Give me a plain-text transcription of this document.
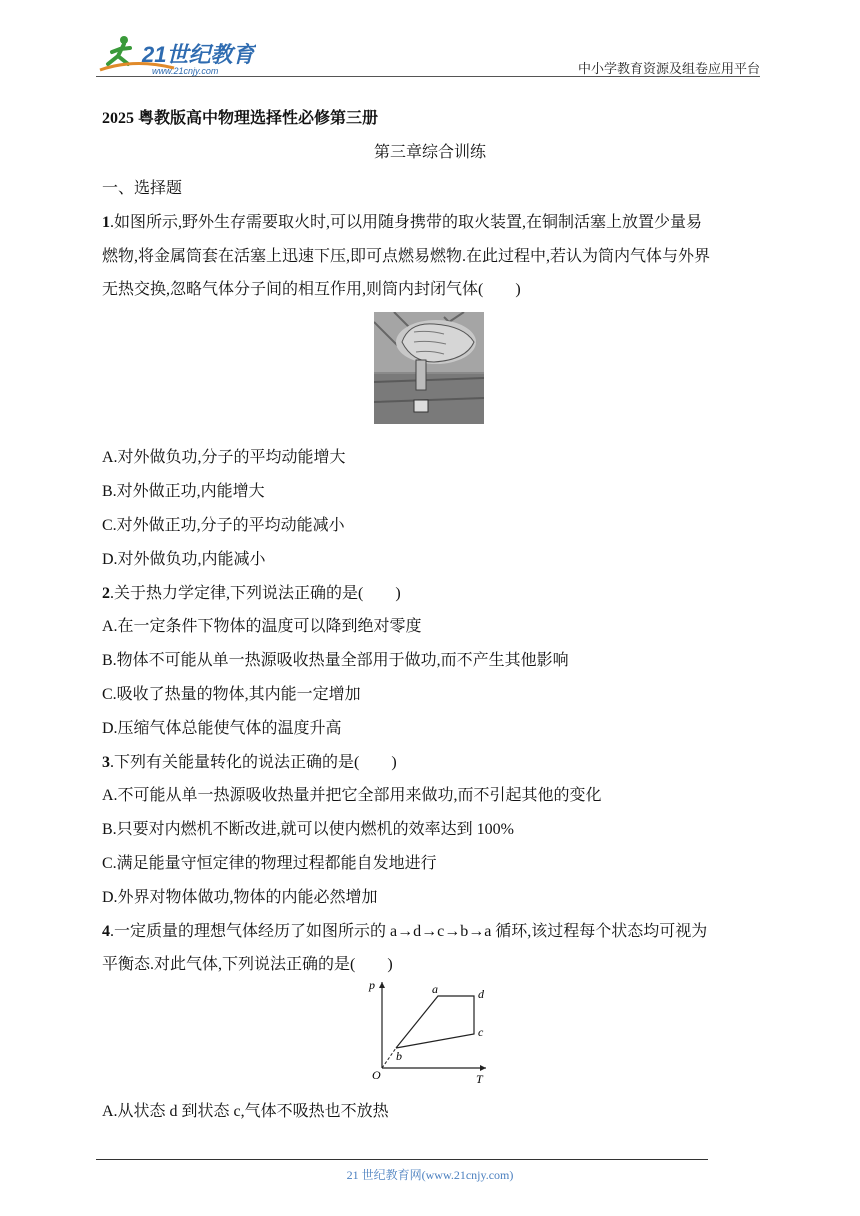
21世纪教育
www.21cnjy.com	中小学教育资源及组卷应用平台
2025 粤教版高中物理选择性必修第三册
第三章综合训练
一、选择题
1.如图所示,野外生存需要取火时,可以用随身携带的取火装置,在铜制活塞上放置少量易
燃物,将金属筒套在活塞上迅速下压,即可点燃易燃物.在此过程中,若认为筒内气体与外界
无热交换,忽略气体分子间的相互作用,则筒内封闭气体(　　)
A.对外做负功,分子的平均动能增大
B.对外做正功,内能增大
C.对外做正功,分子的平均动能减小
D.对外做负功,内能减小
2.关于热力学定律,下列说法正确的是(　　)
A.在一定条件下物体的温度可以降到绝对零度
B.物体不可能从单一热源吸收热量全部用于做功,而不产生其他影响
C.吸收了热量的物体,其内能一定增加
D.压缩气体总能使气体的温度升高
3.下列有关能量转化的说法正确的是(　　)
A.不可能从单一热源吸收热量并把它全部用来做功,而不引起其他的变化
B.只要对内燃机不断改进,就可以使内燃机的效率达到 100%
C.满足能量守恒定律的物理过程都能自发地进行
D.外界对物体做功,物体的内能必然增加
4.一定质量的理想气体经历了如图所示的 a→d→c→b→a 循环,该过程每个状态均可视为
平衡态.对此气体,下列说法正确的是(　　)
p
T
O
a	d
c
b
A.从状态 d 到状态 c,气体不吸热也不放热
21 世纪教育网(www.21cnjy.com)
